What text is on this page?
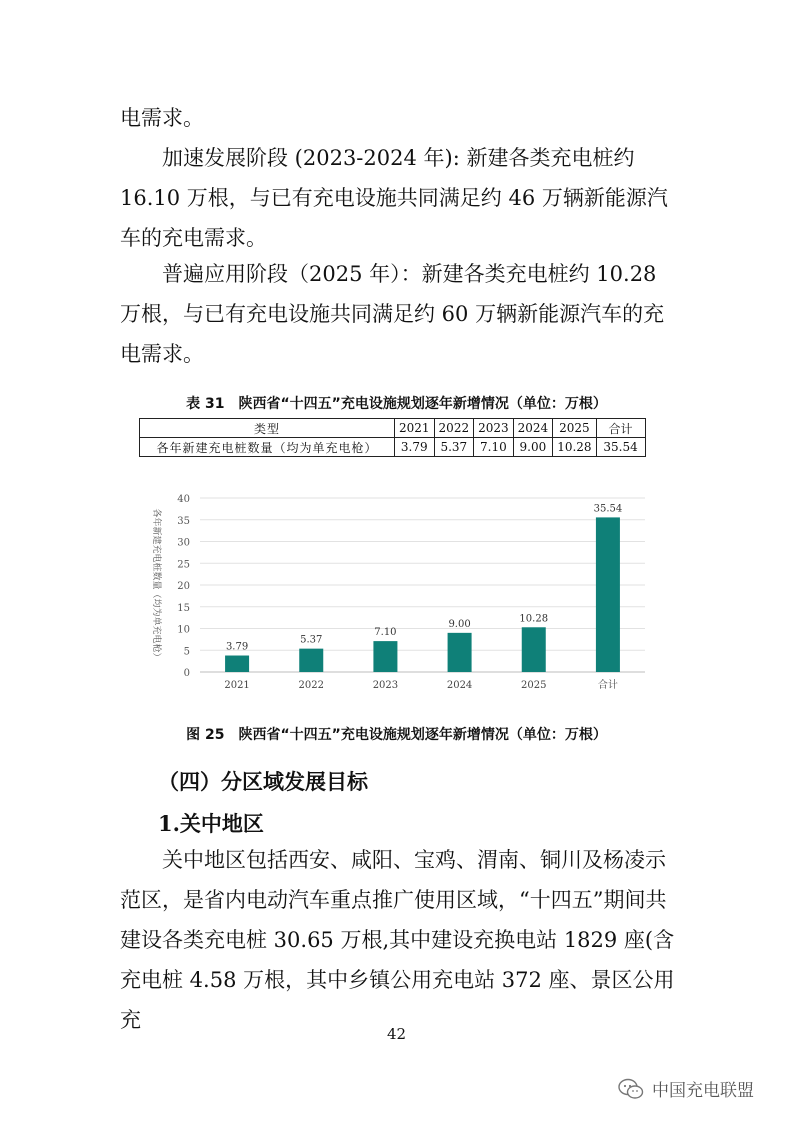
电需求。

加速发展阶段 (2023-2024 年): 新建各类充电桩约 16.10 万根，与已有充电设施共同满足约 46 万辆新能源汽车的充电需求。

普遍应用阶段（2025 年）：新建各类充电桩约 10.28 万根，与已有充电设施共同满足约 60 万辆新能源汽车的充电需求。

表 31　陕西省“十四五”充电设施规划逐年新增情况（单位：万根）
类型	2021	2022	2023	2024	2025	合计
各年新建充电桩数量（均为单充电枪）	3.79	5.37	7.10	9.00	10.28	35.54
0
5
10
15
20
25
30
35
40
各年新建充电桩数量（均为单充电枪）	3.79
2021
5.37
2022
7.10
2023
9.00
2024
10.28
2025
35.54
合计
图 25　陕西省“十四五”充电设施规划逐年新增情况（单位：万根）
（四）分区域发展目标
1.关中地区

关中地区包括西安、咸阳、宝鸡、渭南、铜川及杨凌示范区，是省内电动汽车重点推广使用区域，“十四五”期间共建设各类充电桩 30.65 万根,其中建设充换电站 1829 座(含充电桩 4.58 万根，其中乡镇公用充电站 372 座、景区公用充

42
中国充电联盟
